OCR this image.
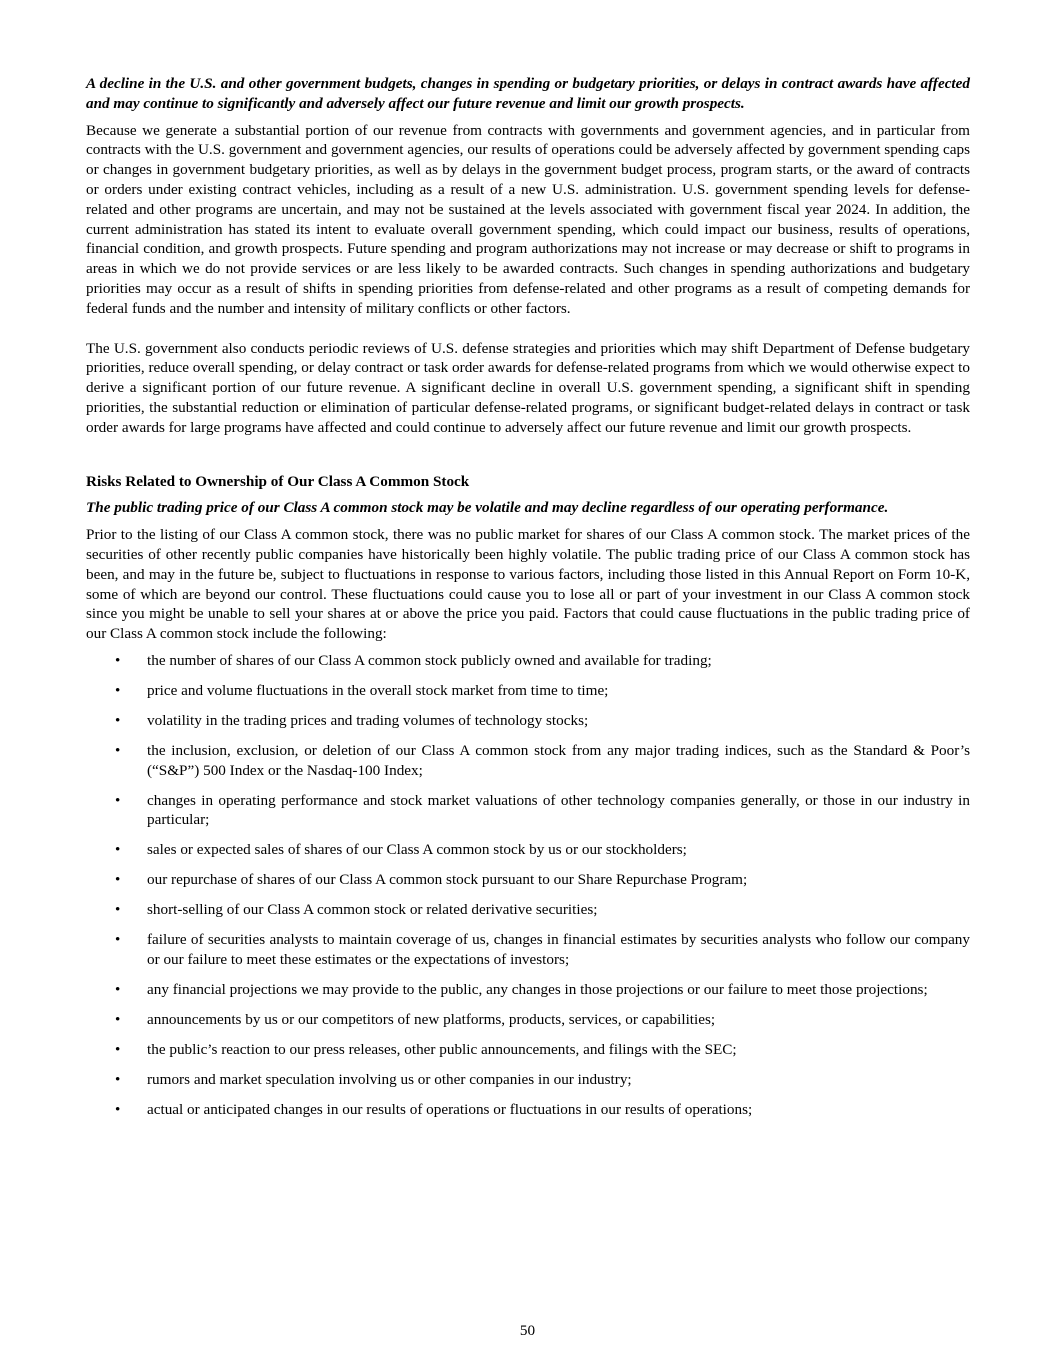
A decline in the U.S. and other government budgets, changes in spending or budgetary priorities, or delays in contract awards have affected and may continue to significantly and adversely affect our future revenue and limit our growth prospects.

Because we generate a substantial portion of our revenue from contracts with governments and government agencies, and in particular from contracts with the U.S. government and government agencies, our results of operations could be adversely affected by government spending caps or changes in government budgetary priorities, as well as by delays in the government budget process, program starts, or the award of contracts or orders under existing contract vehicles, including as a result of a new U.S. administration. U.S. government spending levels for defense-related and other programs are uncertain, and may not be sustained at the levels associated with government fiscal year 2024. In addition, the current administration has stated its intent to evaluate overall government spending, which could impact our business, results of operations, financial condition, and growth prospects. Future spending and program authorizations may not increase or may decrease or shift to programs in areas in which we do not provide services or are less likely to be awarded contracts. Such changes in spending authorizations and budgetary priorities may occur as a result of shifts in spending priorities from defense-related and other programs as a result of competing demands for federal funds and the number and intensity of military conflicts or other factors.

The U.S. government also conducts periodic reviews of U.S. defense strategies and priorities which may shift Department of Defense budgetary priorities, reduce overall spending, or delay contract or task order awards for defense-related programs from which we would otherwise expect to derive a significant portion of our future revenue. A significant decline in overall U.S. government spending, a significant shift in spending priorities, the substantial reduction or elimination of particular defense-related programs, or significant budget-related delays in contract or task order awards for large programs have affected and could continue to adversely affect our future revenue and limit our growth prospects.

Risks Related to Ownership of Our Class A Common Stock

The public trading price of our Class A common stock may be volatile and may decline regardless of our operating performance.

Prior to the listing of our Class A common stock, there was no public market for shares of our Class A common stock. The market prices of the securities of other recently public companies have historically been highly volatile. The public trading price of our Class A common stock has been, and may in the future be, subject to fluctuations in response to various factors, including those listed in this Annual Report on Form 10-K, some of which are beyond our control. These fluctuations could cause you to lose all or part of your investment in our Class A common stock since you might be unable to sell your shares at or above the price you paid. Factors that could cause fluctuations in the public trading price of our Class A common stock include the following:

• the number of shares of our Class A common stock publicly owned and available for trading;
• price and volume fluctuations in the overall stock market from time to time;
• volatility in the trading prices and trading volumes of technology stocks;
• the inclusion, exclusion, or deletion of our Class A common stock from any major trading indices, such as the Standard & Poor’s (“S&P”) 500 Index or the Nasdaq-100 Index;
• changes in operating performance and stock market valuations of other technology companies generally, or those in our industry in particular;
• sales or expected sales of shares of our Class A common stock by us or our stockholders;
• our repurchase of shares of our Class A common stock pursuant to our Share Repurchase Program;
• short-selling of our Class A common stock or related derivative securities;
• failure of securities analysts to maintain coverage of us, changes in financial estimates by securities analysts who follow our company or our failure to meet these estimates or the expectations of investors;
• any financial projections we may provide to the public, any changes in those projections or our failure to meet those projections;
• announcements by us or our competitors of new platforms, products, services, or capabilities;
• the public’s reaction to our press releases, other public announcements, and filings with the SEC;
• rumors and market speculation involving us or other companies in our industry;
• actual or anticipated changes in our results of operations or fluctuations in our results of operations;
50
